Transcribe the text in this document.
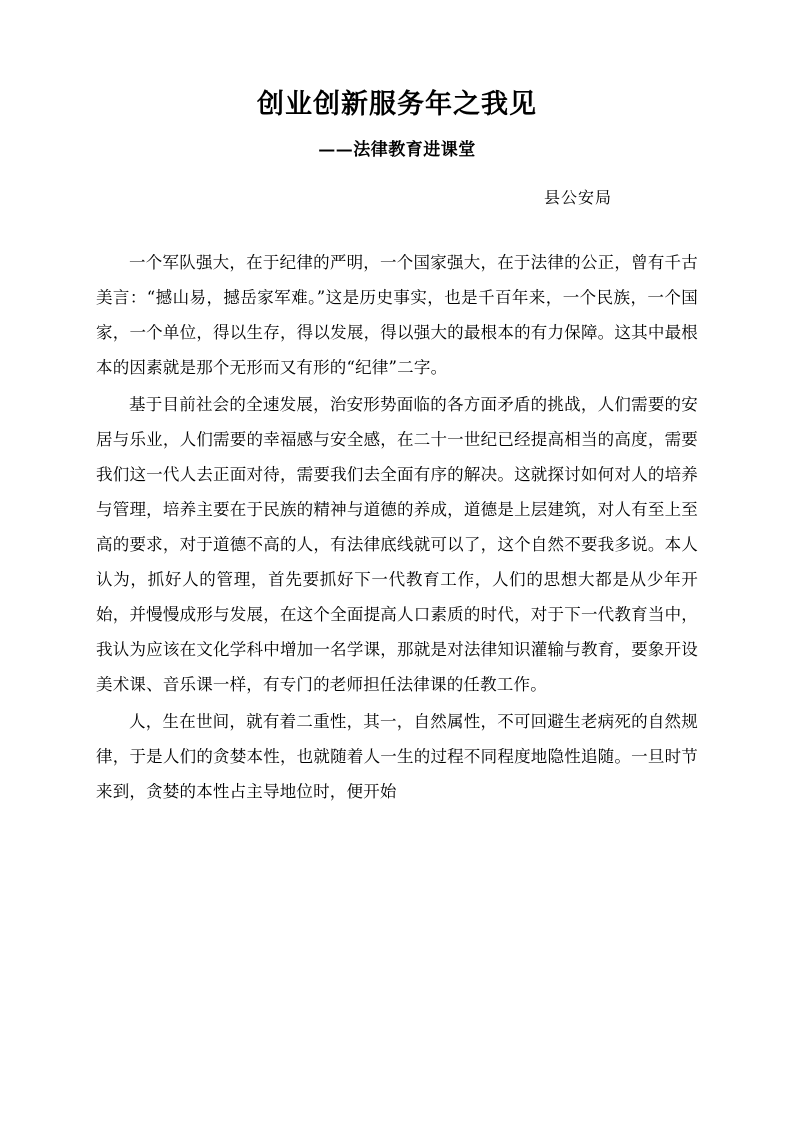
创业创新服务年之我见
——法律教育进课堂
县公安局

一个军队强大，在于纪律的严明，一个国家强大，在于法律的公正，曾有千古美言：“撼山易，撼岳家军难。”这是历史事实，也是千百年来，一个民族，一个国家，一个单位，得以生存，得以发展，得以强大的最根本的有力保障。这其中最根本的因素就是那个无形而又有形的“纪律”二字。

基于目前社会的全速发展，治安形势面临的各方面矛盾的挑战，人们需要的安居与乐业，人们需要的幸福感与安全感，在二十一世纪已经提高相当的高度，需要我们这一代人去正面对待，需要我们去全面有序的解决。这就探讨如何对人的培养与管理，培养主要在于民族的精神与道德的养成，道德是上层建筑，对人有至上至高的要求，对于道德不高的人，有法律底线就可以了，这个自然不要我多说。本人认为，抓好人的管理，首先要抓好下一代教育工作，人们的思想大都是从少年开始，并慢慢成形与发展，在这个全面提高人口素质的时代，对于下一代教育当中，我认为应该在文化学科中增加一名学课，那就是对法律知识灌输与教育，要象开设美术课、音乐课一样，有专门的老师担任法律课的任教工作。

人，生在世间，就有着二重性，其一，自然属性，不可回避生老病死的自然规律，于是人们的贪婪本性，也就随着人一生的过程不同程度地隐性追随。一旦时节来到，贪婪的本性占主导地位时，便开始
